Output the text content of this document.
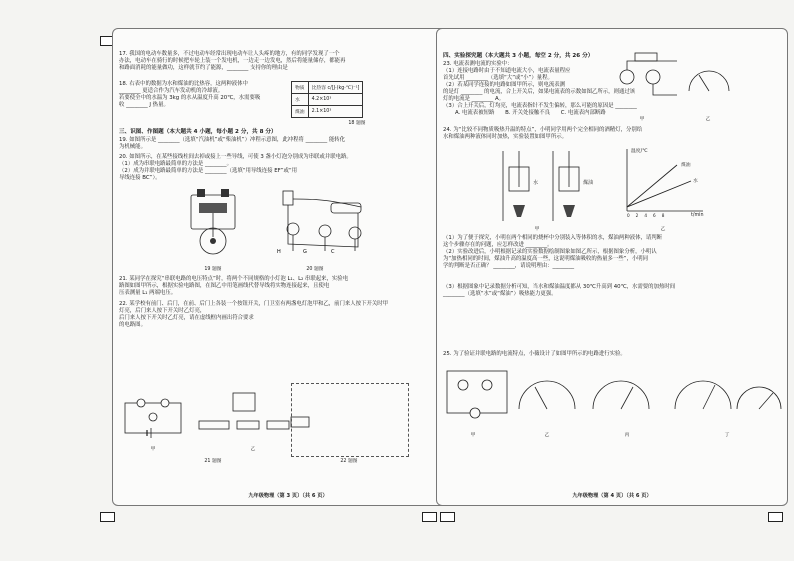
17. 我国的电动车数量多，不过电动车经常出现电动车让人头疼的地方，有的同学发现了一个

办法，电动车在骑行的时候把车轮上装一个发电机，一边走一边发电，然后将能量储存，都能再

和路面消耗的能量做功，这样就节约了能源，________ 支持你的理由是

18. 右表中的数据为水和煤油的比热容，这两种液体中

________ 更适合作为汽车发动机的冷却液。

若要使全中的水温为 3kg 的水从温度升高 20℃，水需要吸

收 ________ J 热量。

物质	比热容 c/[J·(kg·℃)⁻¹]
水	4.2×10³
煤油	2.1×10³
18 题图
三、识图、作图题（本大题共 4 小题，每小题 2 分，共 8 分）

19. 如图所示是 ________（选填“汽油机”或“柴油机”）冲程示意图，此冲程将 ________ 能转化

为机械能。

20. 如图所示，在某些接线柱间去掉或接上一些导线，可使 3 盏小灯泡分别成为串联或并联电路。

（1）成为串联电路最简单的方法是 ________。

（2）成为并联电路最简单的方法是 ________（选填“用导线连接 EF”或“用

导线连接 BC”）。

19 题图
H	G	C
20 题图

21. 某同学在探究“串联电路的电压特点”时，将两个不同规格的小灯泡 L₁、L₂ 串联起来，实验电

路图如图甲所示，根据实验电路图，在图乙中用笔画线代替导线将实物连接起来，且使电

压表测量 L₁ 两端电压。

22. 某学校有前门、后门，在前、后门上各装一个按钮开关，门卫室有两盏电灯泡甲和乙，前门来人按下开关时甲灯亮，后门来人按下开关时乙灯亮，

后门来人按下开关时乙灯亮，请在虚线框内画出符合要求

的电路图。

甲	乙
21 题图	22 题图
九年级物理（第 3 页）（共 6 页）
四、实验探究题（本大题共 3 小题，每空 2 分，共 26 分）

23. 电流表测电流的实验中：

（1）连接电路时由于不知道电流大小，电流表量程应

首先试用 ________（选填“大”或“小”）量程。

（2）若某同学连接的电路如图甲所示，则电流表测

的是灯 ________ 的电流，合上开关后，如果电流表的示数如图乙所示，则通过该

灯的电流是 ________ A。

（3）合上开关后，灯均亮，电流表指针不发生偏转，那么可能的原因是 ________

A. 电流表被短路　　B. 开关处接触不良　　C. 电流表内部断路

甲	乙

24. 为“比较不同物质吸热升温的特点”，小明同学用两个完全相同的酒精灯，分别给

水和煤油两种液体同时加热，实验装置如图甲所示。

水	煤油
甲
温度/℃
煤油
水
02468	t/min
乙

（1）为了便于探究，小明在两个相同的烧杯中分别装入等体积的水，煤油两种液体，请判断

这个步骤存在的问题，应怎样改进 ________。

（2）实验改进后，小明根据记录的实验数据绘制图象如图乙所示，根据图象分析，小明认

为“加热相同的时间，煤油升高的温度高一些，这说明煤油吸收的热量多一些”，小明同

学的判断是否正确？ ________，请说明理由：________

（3）根据图象中记录数据分析可知，当水和煤油温度都从 30℃升高到 40℃，水需要的加热时间

________（选填“水”或“煤油”）吸热能力更强。

25. 为了验证并联电路的电流特点，小薇设计了如图甲所示的电路进行实验。

甲	乙	丙	丁
九年级物理（第 4 页）（共 6 页）
